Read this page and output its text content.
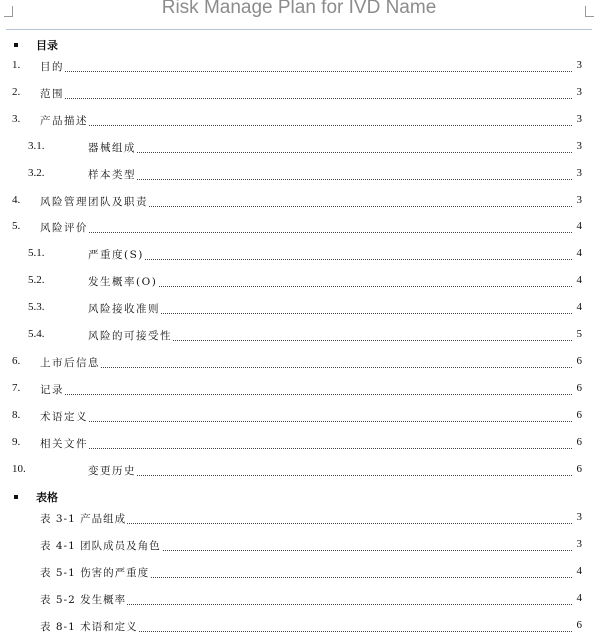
Risk Manage Plan for IVD Name
目录
1. 目的	3
2. 范围	3
3. 产品描述	3
3.1.	器械组成	3
3.2.	样本类型	3
4. 风险管理团队及职责	3
5. 风险评价	4
5.1.	严重度(S)	4
5.2.	发生概率(O)	4
5.3.	风险接收准则	4
5.4.	风险的可接受性	5
6. 上市后信息	6
7. 记录	6
8. 术语定义	6
9. 相关文件	6
10.	变更历史	6
表格
表 3-1 产品组成	3
表 4-1 团队成员及角色	3
表 5-1 伤害的严重度	4
表 5-2 发生概率	4
表 8-1 术语和定义	6
